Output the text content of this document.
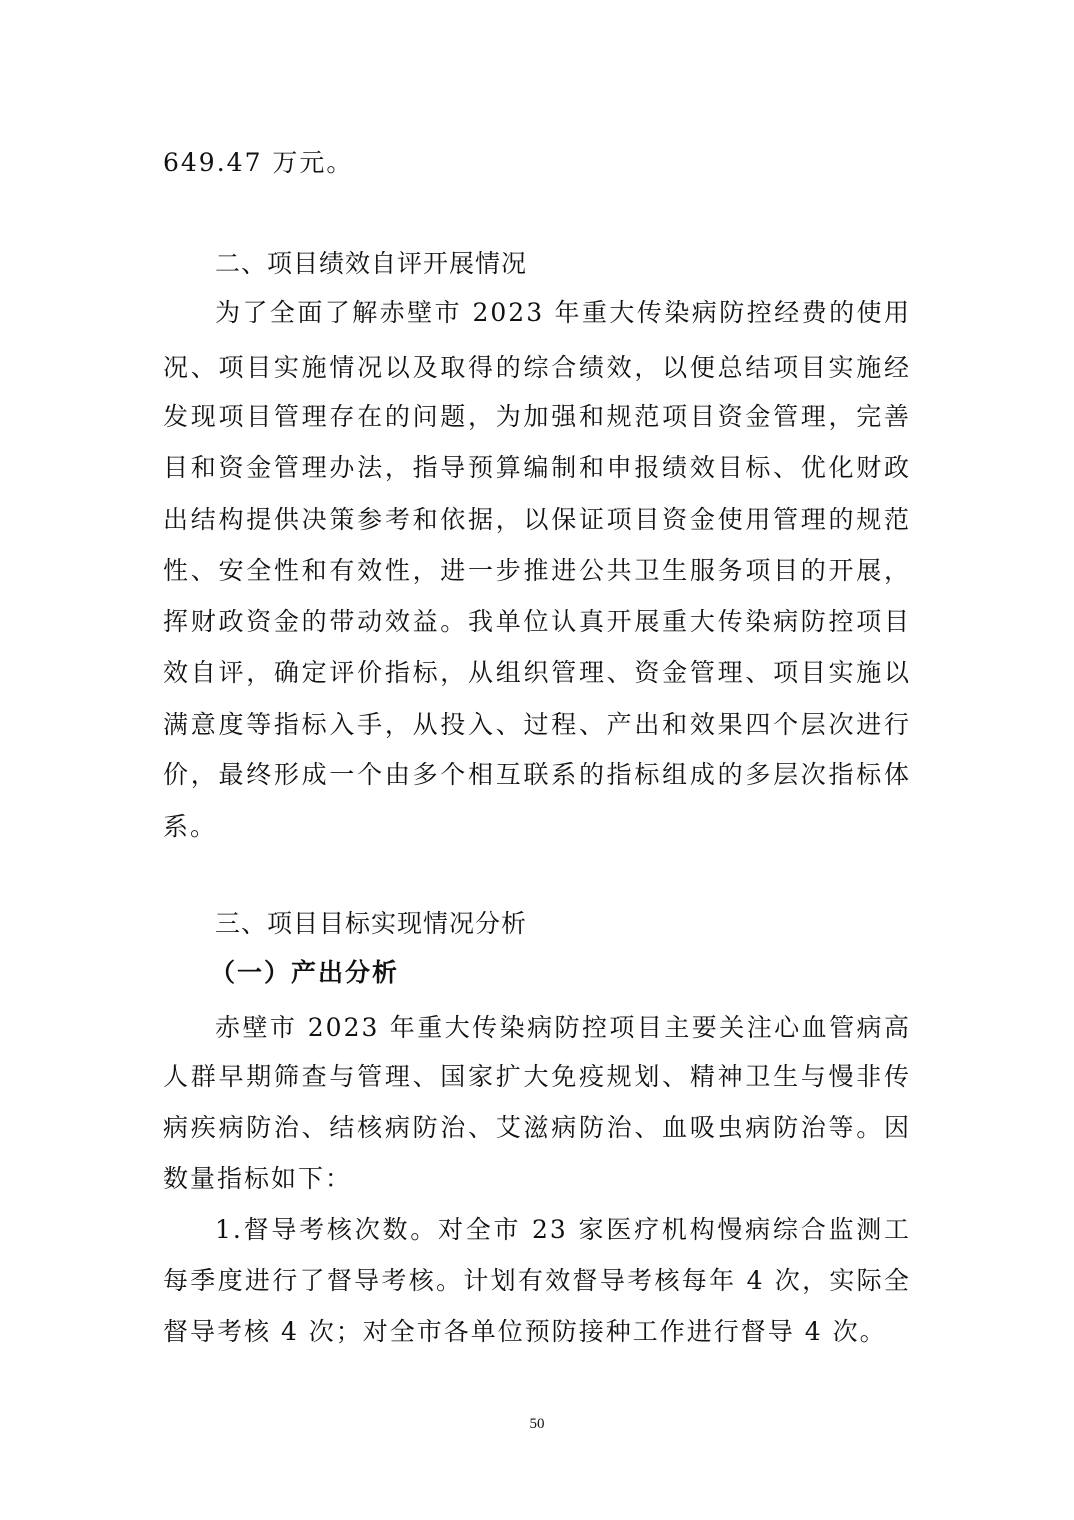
649.47 万元。
二、项目绩效自评开展情况
为了全面了解赤壁市 2023 年重大传染病防控经费的使用
况、项目实施情况以及取得的综合绩效，以便总结项目实施经
发现项目管理存在的问题，为加强和规范项目资金管理，完善
目和资金管理办法，指导预算编制和申报绩效目标、优化财政
出结构提供决策参考和依据，以保证项目资金使用管理的规范
性、安全性和有效性，进一步推进公共卫生服务项目的开展，
挥财政资金的带动效益。我单位认真开展重大传染病防控项目
效自评，确定评价指标，从组织管理、资金管理、项目实施以
满意度等指标入手，从投入、过程、产出和效果四个层次进行
价，最终形成一个由多个相互联系的指标组成的多层次指标体
系。
三、项目目标实现情况分析
（一）产出分析
赤壁市 2023 年重大传染病防控项目主要关注心血管病高
人群早期筛查与管理、国家扩大免疫规划、精神卫生与慢非传
病疾病防治、结核病防治、艾滋病防治、血吸虫病防治等。因
数量指标如下：
1.督导考核次数。对全市 23 家医疗机构慢病综合监测工
每季度进行了督导考核。计划有效督导考核每年 4 次，实际全
督导考核 4 次；对全市各单位预防接种工作进行督导 4 次。
50
